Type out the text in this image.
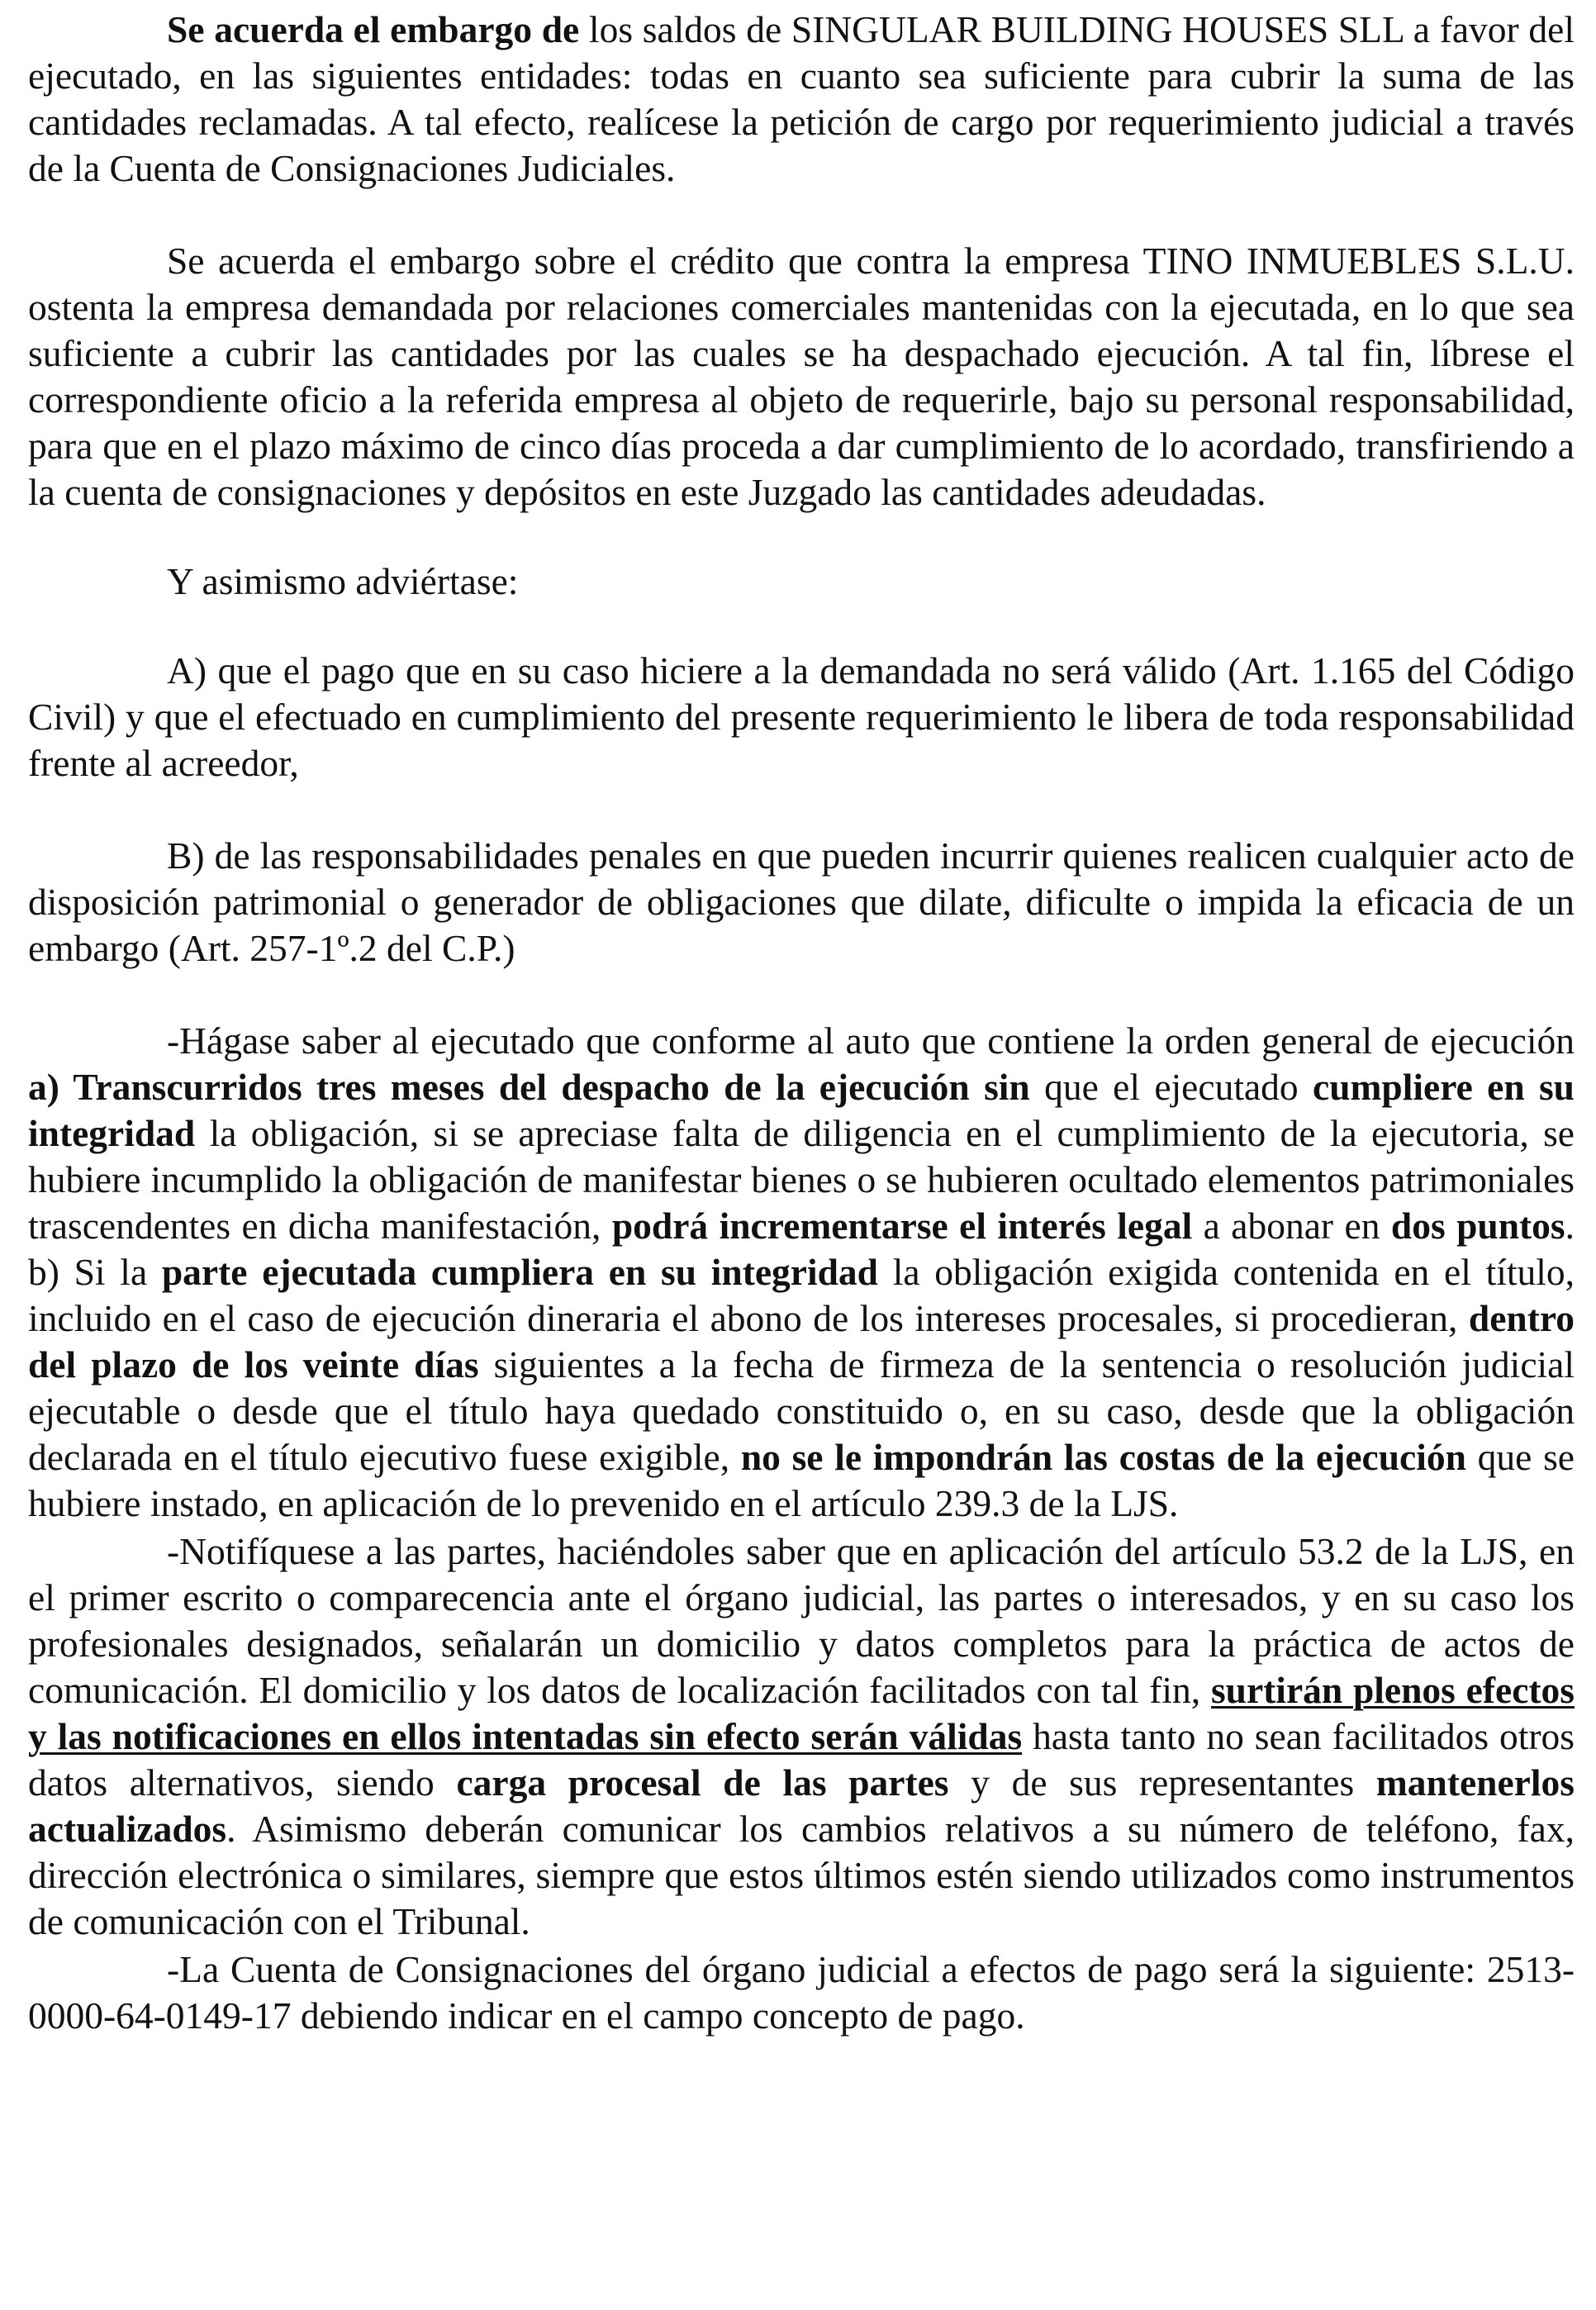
Se acuerda el embargo de los saldos de SINGULAR BUILDING HOUSES SLL a favor del ejecutado, en las siguientes entidades: todas en cuanto sea suficiente para cubrir la suma de las cantidades reclamadas. A tal efecto, realícese la petición de cargo por requerimiento judicial a través de la Cuenta de Consignaciones Judiciales.

Se acuerda el embargo sobre el crédito que contra la empresa TINO INMUEBLES S.L.U. ostenta la empresa demandada por relaciones comerciales mantenidas con la ejecutada, en lo que sea suficiente a cubrir las cantidades por las cuales se ha despachado ejecución. A tal fin, líbrese el correspondiente oficio a la referida empresa al objeto de requerirle, bajo su personal responsabilidad, para que en el plazo máximo de cinco días proceda a dar cumplimiento de lo acordado, transfiriendo a la cuenta de consignaciones y depósitos en este Juzgado las cantidades adeudadas.

Y asimismo adviértase:

A) que el pago que en su caso hiciere a la demandada no será válido (Art. 1.165 del Código Civil) y que el efectuado en cumplimiento del presente requerimiento le libera de toda responsabilidad frente al acreedor,

B) de las responsabilidades penales en que pueden incurrir quienes realicen cualquier acto de disposición patrimonial o generador de obligaciones que dilate, dificulte o impida la eficacia de un embargo (Art. 257-1º.2 del C.P.)

-Hágase saber al ejecutado que conforme al auto que contiene la orden general de ejecución a) Transcurridos tres meses del despacho de la ejecución sin que el ejecutado cumpliere en su integridad la obligación, si se apreciase falta de diligencia en el cumplimiento de la ejecutoria, se hubiere incumplido la obligación de manifestar bienes o se hubieren ocultado elementos patrimoniales trascendentes en dicha manifestación, podrá incrementarse el interés legal a abonar en dos puntos. b) Si la parte ejecutada cumpliera en su integridad la obligación exigida contenida en el título, incluido en el caso de ejecución dineraria el abono de los intereses procesales, si procedieran, dentro del plazo de los veinte días siguientes a la fecha de firmeza de la sentencia o resolución judicial ejecutable o desde que el título haya quedado constituido o, en su caso, desde que la obligación declarada en el título ejecutivo fuese exigible, no se le impondrán las costas de la ejecución que se hubiere instado, en aplicación de lo prevenido en el artículo 239.3 de la LJS.

-Notifíquese a las partes, haciéndoles saber que en aplicación del artículo 53.2 de la LJS, en el primer escrito o comparecencia ante el órgano judicial, las partes o interesados, y en su caso los profesionales designados, señalarán un domicilio y datos completos para la práctica de actos de comunicación. El domicilio y los datos de localización facilitados con tal fin, surtirán plenos efectos y las notificaciones en ellos intentadas sin efecto serán válidas hasta tanto no sean facilitados otros datos alternativos, siendo carga procesal de las partes y de sus representantes mantenerlos actualizados. Asimismo deberán comunicar los cambios relativos a su número de teléfono, fax, dirección electrónica o similares, siempre que estos últimos estén siendo utilizados como instrumentos de comunicación con el Tribunal.

-La Cuenta de Consignaciones del órgano judicial a efectos de pago será la siguiente: 2513-0000-64-0149-17 debiendo indicar en el campo concepto de pago.
